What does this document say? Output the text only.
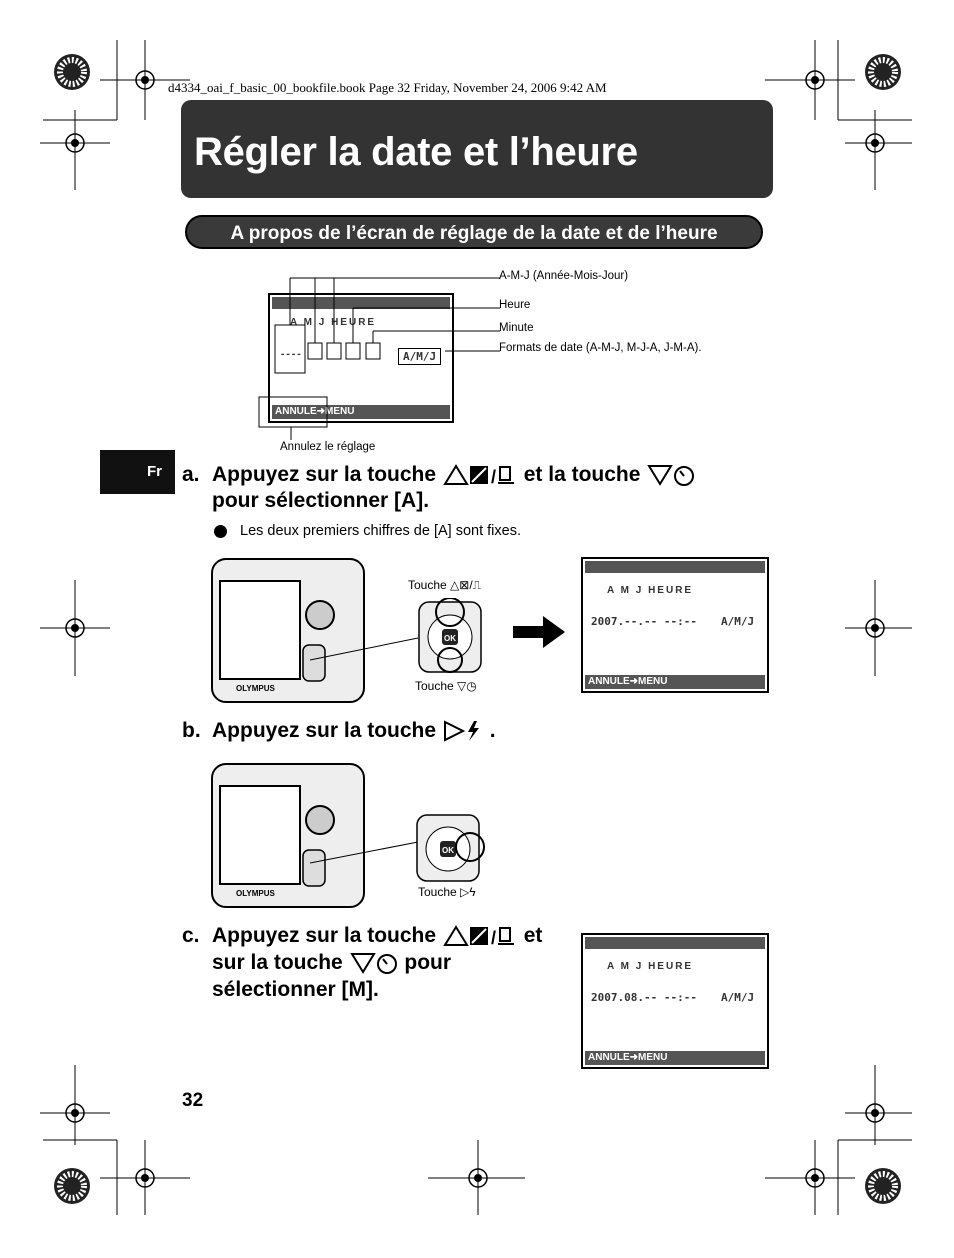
d4334_oai_f_basic_00_bookfile.book Page 32 Friday, November 24, 2006 9:42 AM
Régler la date et l’heure
A propos de l’écran de réglage de la date et de l’heure
A M J HEURE
----	A/M/J
ANNULE➜MENU
A-M-J (Année-Mois-Jour)
Heure
Minute
Formats de date (A-M-J, M-J-A, J-M-A).
Annulez le réglage
Fr a. Appuyez sur la touche	/ et la touche
pour sélectionner [A].
Les deux premiers chiffres de [A] sont fixes.
OLYMPUS
OK
Touche △⊠/⎍
Touche ▽◷
A M J HEURE
2007.--.-- --:-- A/M/J
ANNULE➜MENU
b. Appuyez sur la touche	.
OLYMPUS
OK
Touche ▷ϟ
c. Appuyez sur la touche	/ et
sur la touche	pour
sélectionner [M].
A M J HEURE
2007.08.-- --:-- A/M/J
ANNULE➜MENU
32
